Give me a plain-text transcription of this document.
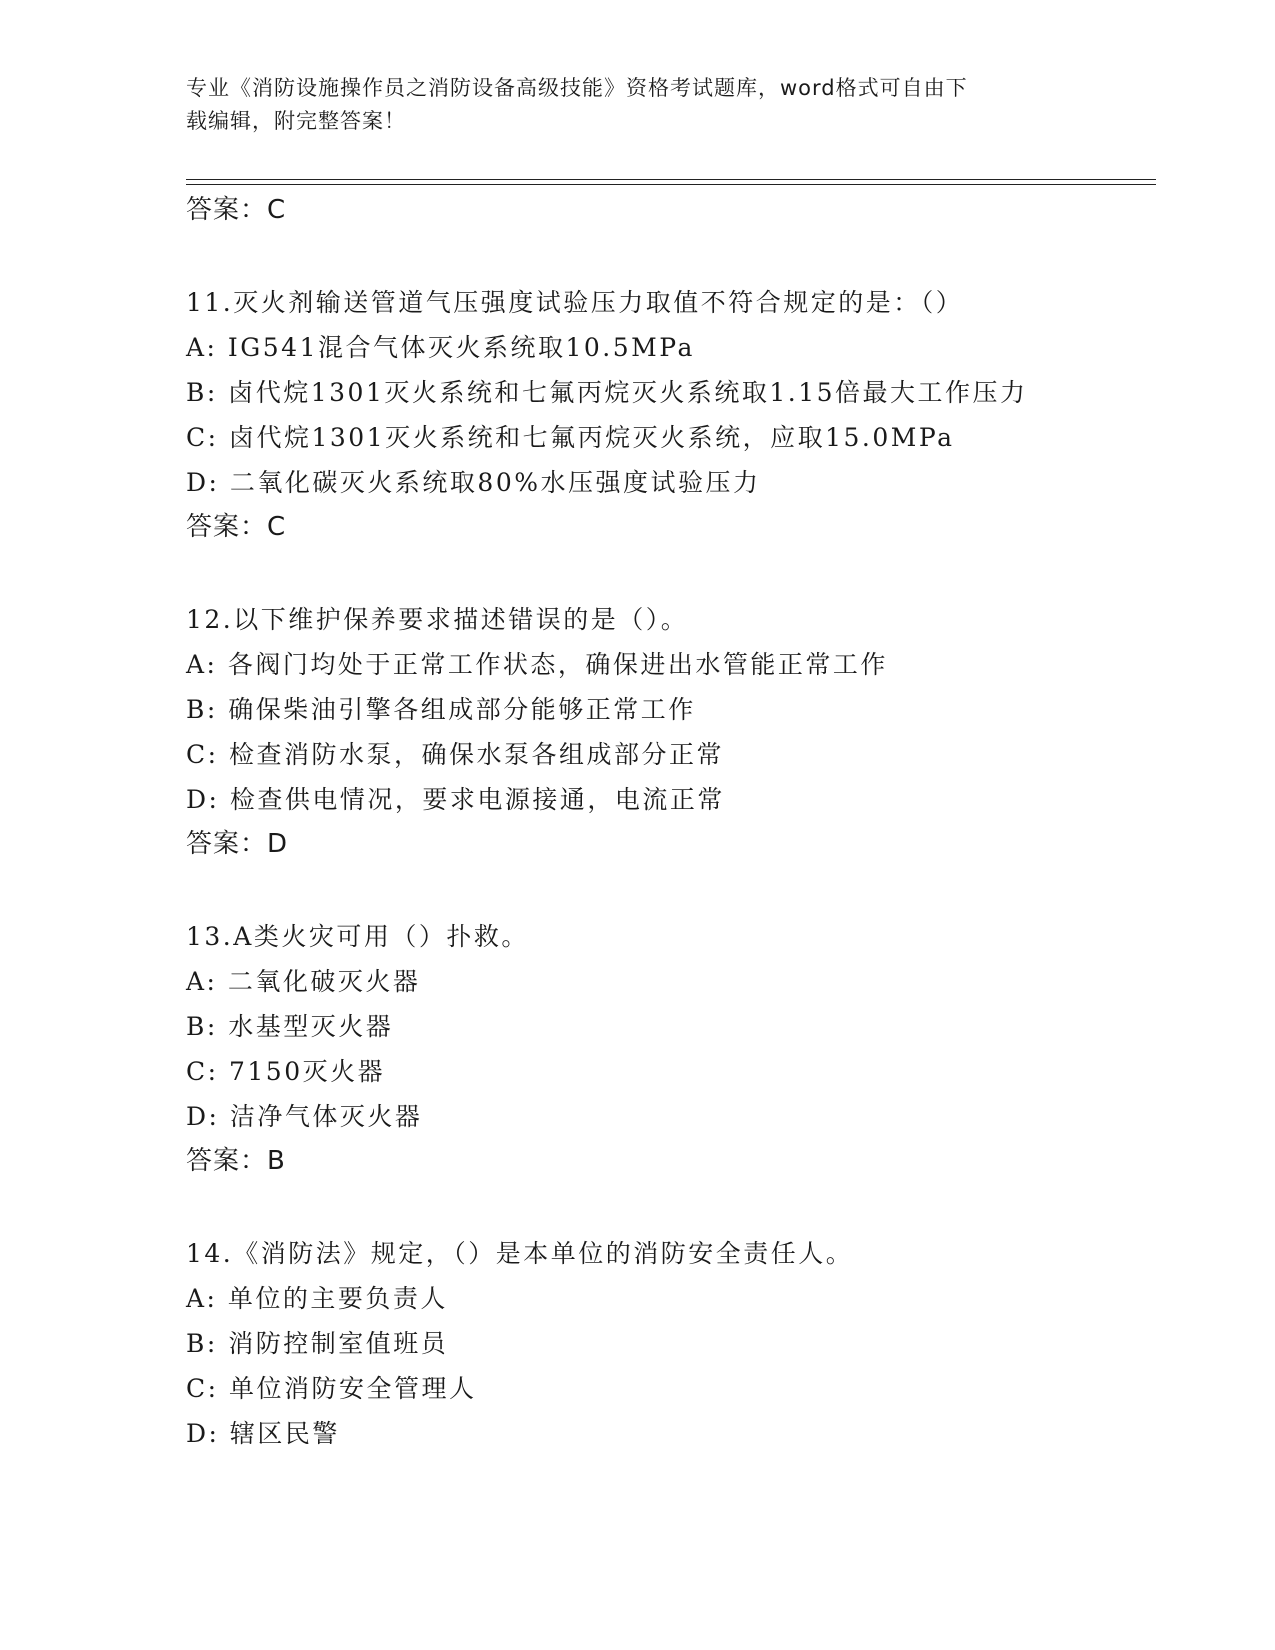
专业《消防设施操作员之消防设备高级技能》资格考试题库，word格式可自由下
载编辑，附完整答案！
答案：C
11.灭火剂输送管道气压强度试验压力取值不符合规定的是：（）
A: IG541混合气体灭火系统取10.5MPa
B: 卤代烷1301灭火系统和七氟丙烷灭火系统取1.15倍最大工作压力
C: 卤代烷1301灭火系统和七氟丙烷灭火系统，应取15.0MPa
D: 二氧化碳灭火系统取80%水压强度试验压力
答案：C
12.以下维护保养要求描述错误的是（）。
A: 各阀门均处于正常工作状态，确保进出水管能正常工作
B: 确保柴油引擎各组成部分能够正常工作
C: 检查消防水泵，确保水泵各组成部分正常
D: 检查供电情况，要求电源接通，电流正常
答案：D
13.A类火灾可用（）扑救。
A: 二氧化破灭火器
B: 水基型灭火器
C: 7150灭火器
D: 洁净气体灭火器
答案：B
14.《消防法》规定，（）是本单位的消防安全责任人。
A: 单位的主要负责人
B: 消防控制室值班员
C: 单位消防安全管理人
D: 辖区民警
